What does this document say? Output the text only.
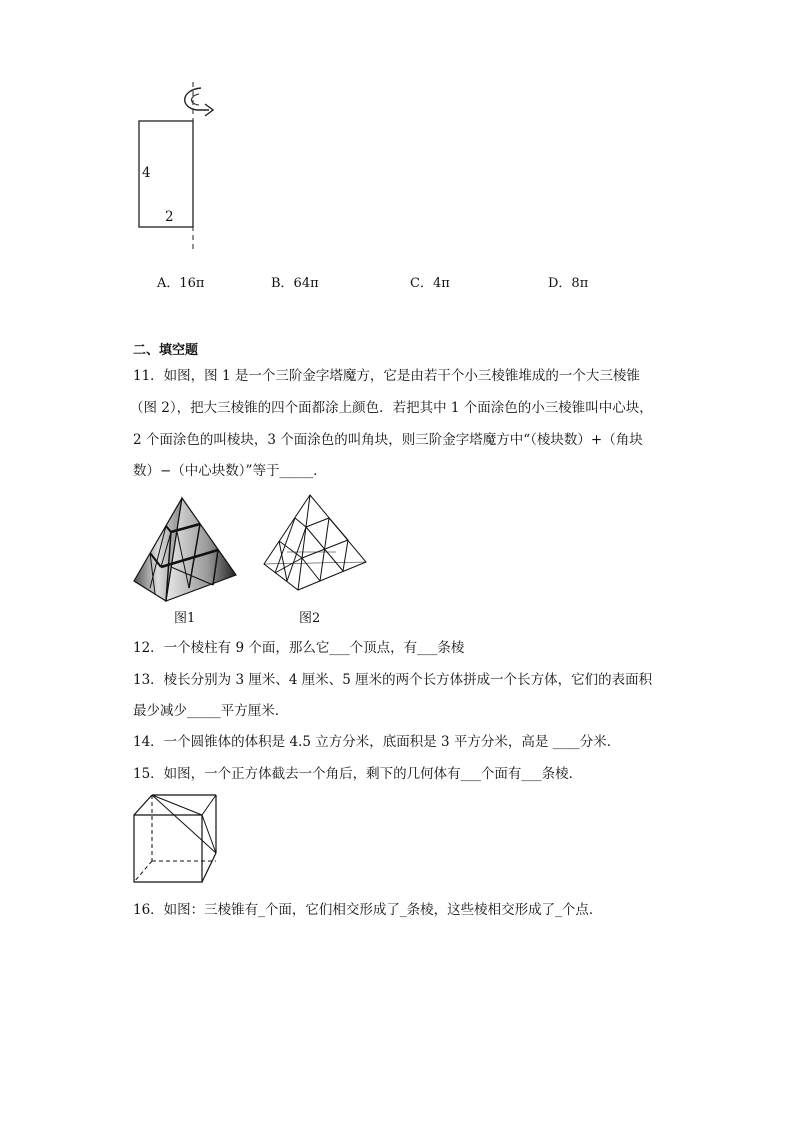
4
2
A．16π	B．64π	C．4π	D．8π
二、填空题
11．如图，图 1 是一个三阶金字塔魔方，它是由若干个小三棱锥堆成的一个大三棱锥
（图 2），把大三棱锥的四个面都涂上颜色．若把其中 1 个面涂色的小三棱锥叫中心块，
2 个面涂色的叫棱块，3 个面涂色的叫角块，则三阶金字塔魔方中“（棱块数）+（角块
数）−（中心块数）”等于_____．
图1	图2
12．一个棱柱有 9 个面，那么它___个顶点，有___条棱
13．棱长分别为 3 厘米、4 厘米、5 厘米的两个长方体拼成一个长方体，它们的表面积
最少减少_____平方厘米．
14．一个圆锥体的体积是 4.5 立方分米，底面积是 3 平方分米，高是 ____分米．
15．如图，一个正方体截去一个角后，剩下的几何体有___个面有___条棱．
16．如图：三棱锥有_个面，它们相交形成了_条棱，这些棱相交形成了_个点．
